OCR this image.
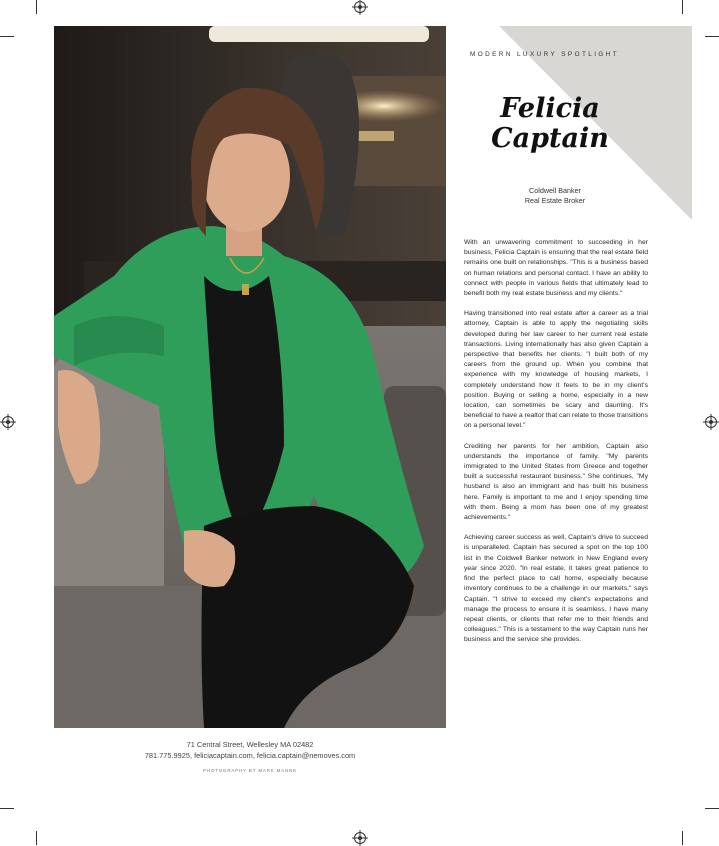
MODERN LUXURY SPOTLIGHT
Felicia
Captain
Coldwell Banker
Real Estate Broker

With an unwavering commitment to succeeding in her business, Felicia Captain is ensuring that the real estate field remains one built on relationships. "This is a business based on human relations and personal contact. I have an ability to connect with people in various fields that ultimately lead to benefit both my real estate business and my clients."

Having transitioned into real estate after a career as a trial attorney, Captain is able to apply the negotiating skills developed during her law career to her current real estate transactions. Living internationally has also given Captain a perspective that benefits her clients. "I built both of my careers from the ground up. When you combine that experience with my knowledge of housing markets, I completely understand how it feels to be in my client's position. Buying or selling a home, especially in a new location, can sometimes be scary and daunting. It's beneficial to have a realtor that can relate to those transitions on a personal level."

Crediting her parents for her ambition, Captain also understands the importance of family. "My parents immigrated to the United States from Greece and together built a successful restaurant business." She continues, "My husband is also an immigrant and has built his business here. Family is important to me and I enjoy spending time with them. Being a mom has been one of my greatest achievements."

Achieving career success as well, Captain's drive to succeed is unparalleled. Captain has secured a spot on the top 100 list in the Coldwell Banker network in New England every year since 2020. "In real estate, it takes great patience to find the perfect place to call home, especially because inventory continues to be a challenge in our markets." says Captain. "I strive to exceed my client's expectations and manage the process to ensure it is seamless. I have many repeat clients, or clients that refer me to their friends and colleagues." This is a testament to the way Captain runs her business and the service she provides.

71 Central Street, Wellesley MA 02482
781.775.9925, feliciacaptain.com, felicia.captain@nemoves.com
PHOTOGRAPHY BY MARK MANNE
